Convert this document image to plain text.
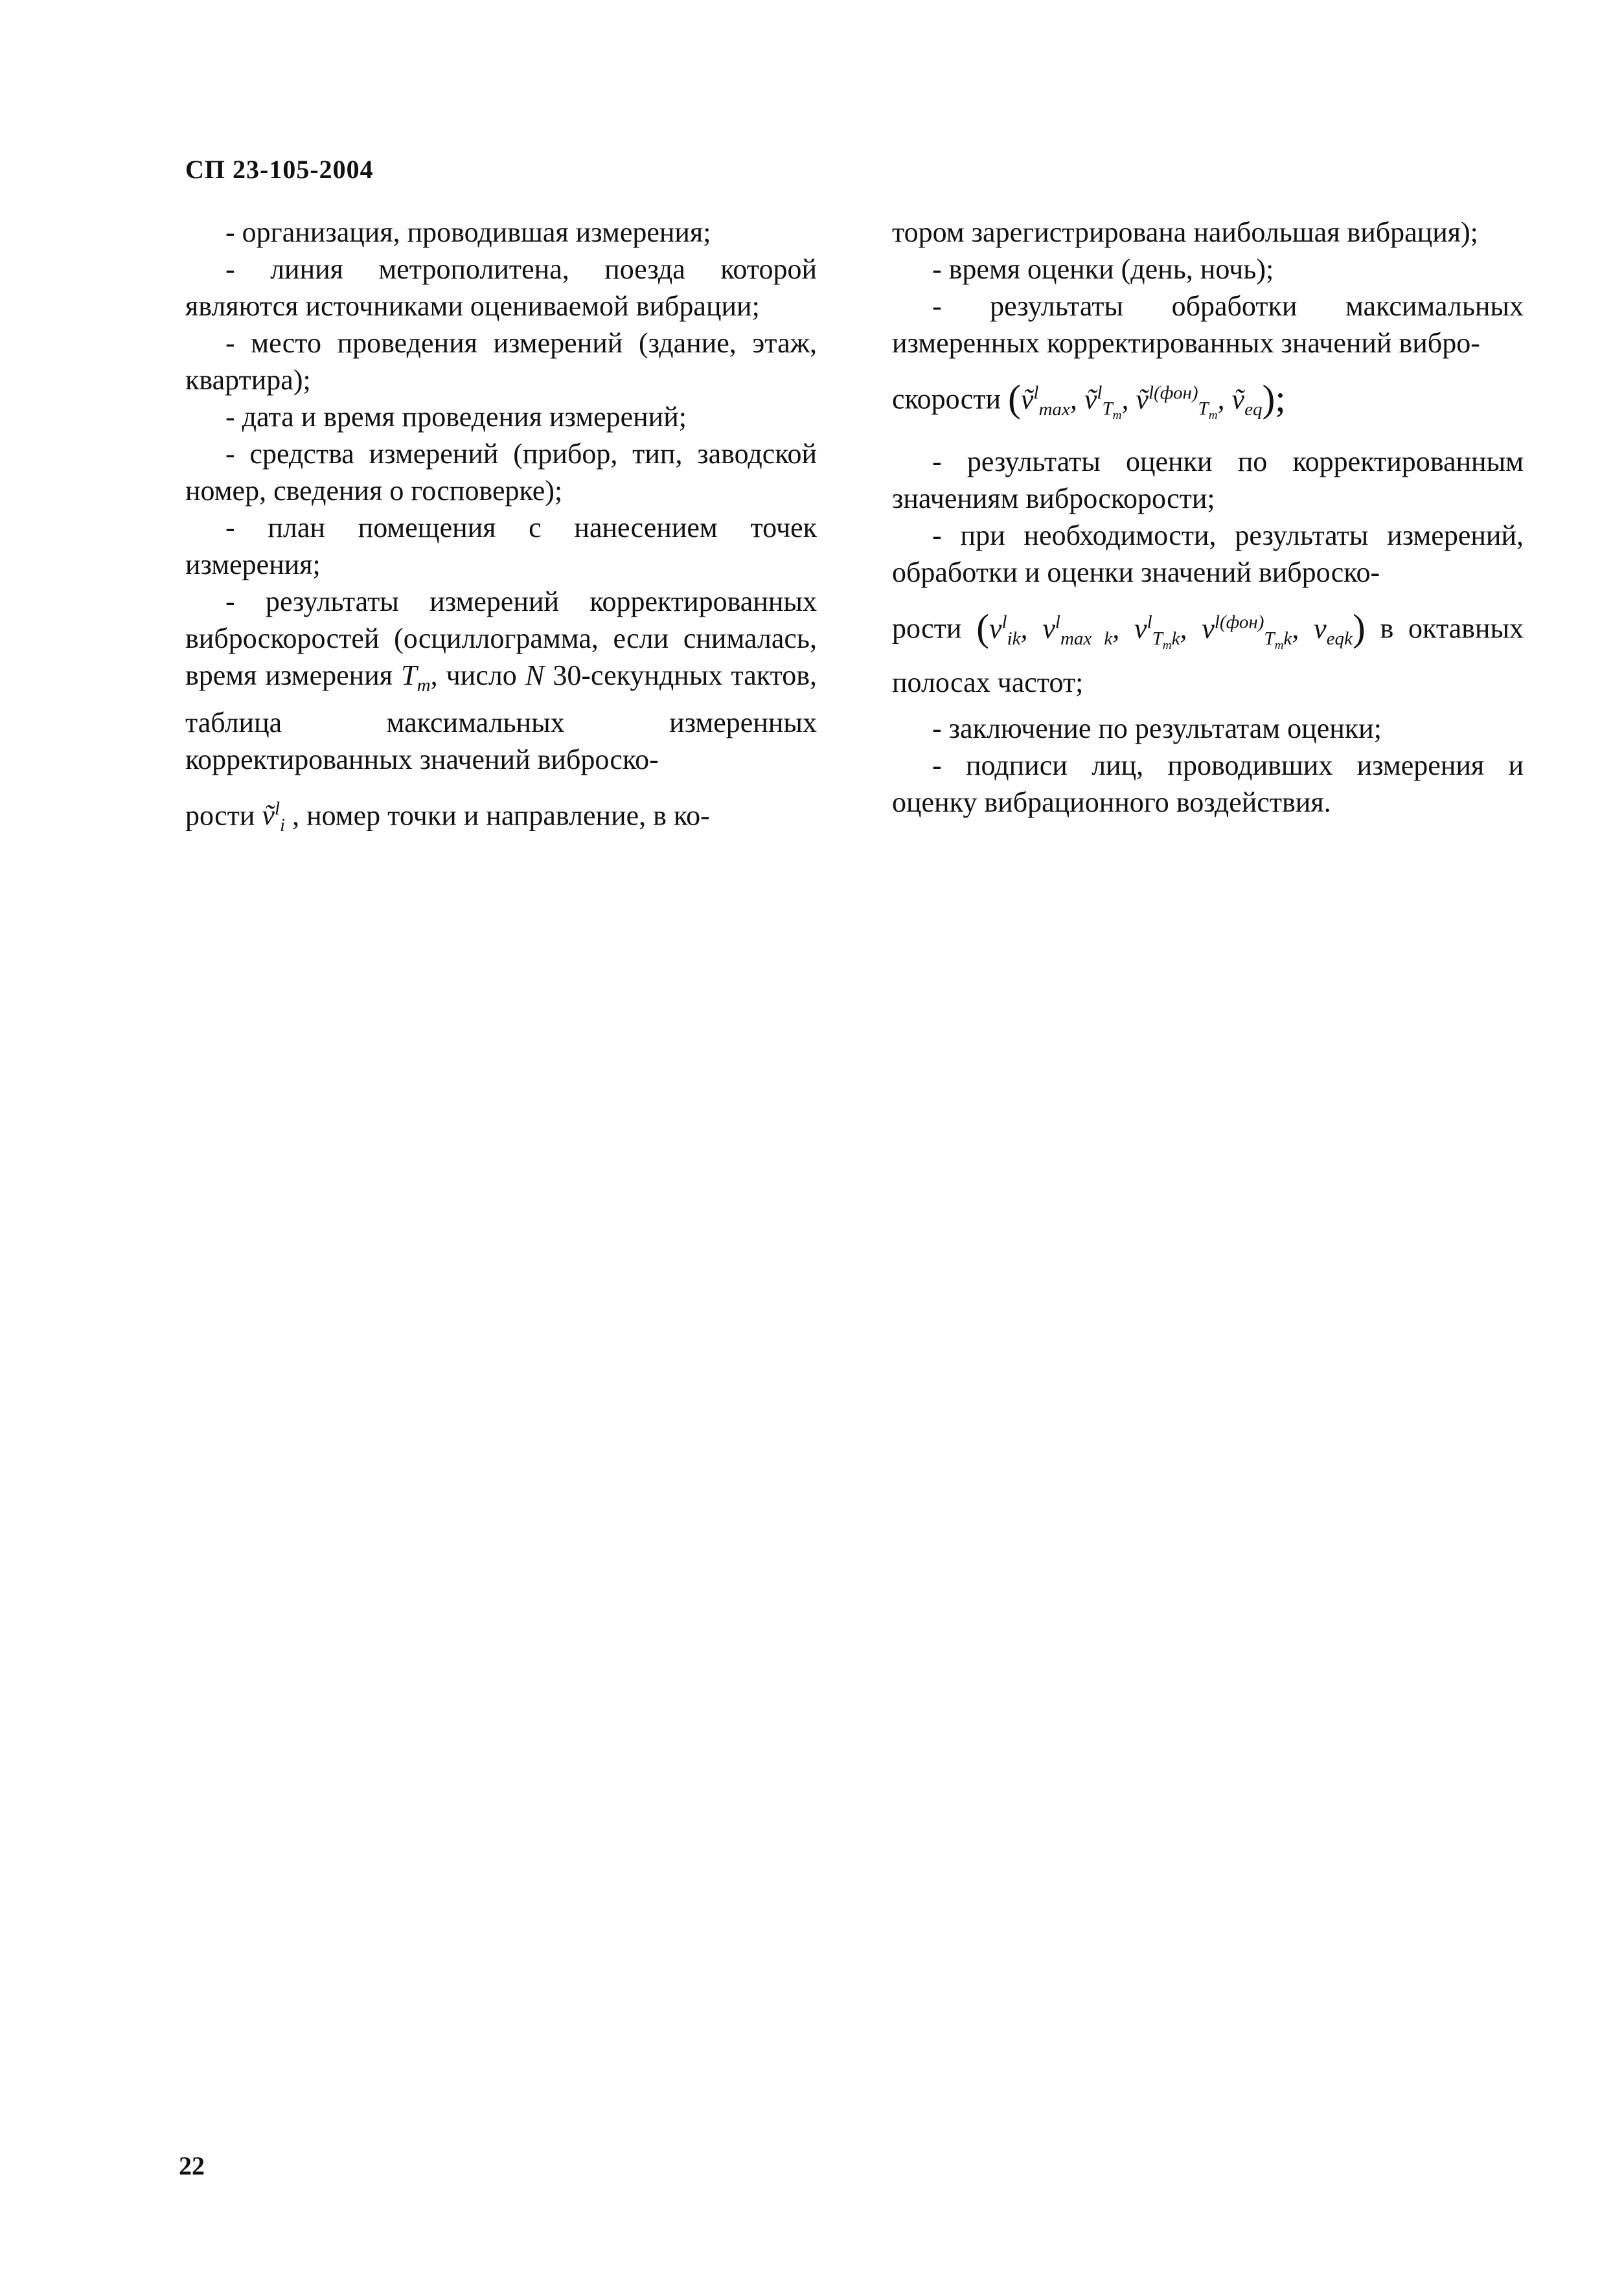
СП 23-105-2004

- организация, проводившая измерения;

- линия метрополитена, поезда которой являются источниками оцениваемой вибрации;

- место проведения измерений (здание, этаж, квартира);

- дата и время проведения измерений;

- средства измерений (прибор, тип, заводской номер, сведения о госповерке);

- план помещения с нанесением точек измерения;

- результаты измерений корректированных виброскоростей (осциллограмма, если снималась, время измерения $T_m$, число N 30-секундных тактов, таблица максимальных измеренных корректированных значений виброско-

рости ṽ$^l_i$ , номер точки и направление, в ко-

тором зарегистрирована наибольшая вибрация);

- время оценки (день, ночь);

- результаты обработки максимальных измеренных корректированных значений вибро-

скорости (ṽ$^l_{max}$, ṽ$^l_{T_m}$, ṽ$^{l(фон)}_{T_m}$, ṽ$_{eq}$);

- результаты оценки по корректированным значениям виброскорости;

- при необходимости, результаты измерений, обработки и оценки значений виброско-

рости ($v^l_{ik}$, $v^l_{max k}$, $v^l_{T_mk}$, $v^{l(фон)}_{T_mk}$, $v_{eqk}$) в октавных полосах частот;

- заключение по результатам оценки;

- подписи лиц, проводивших измерения и оценку вибрационного воздействия.

22
